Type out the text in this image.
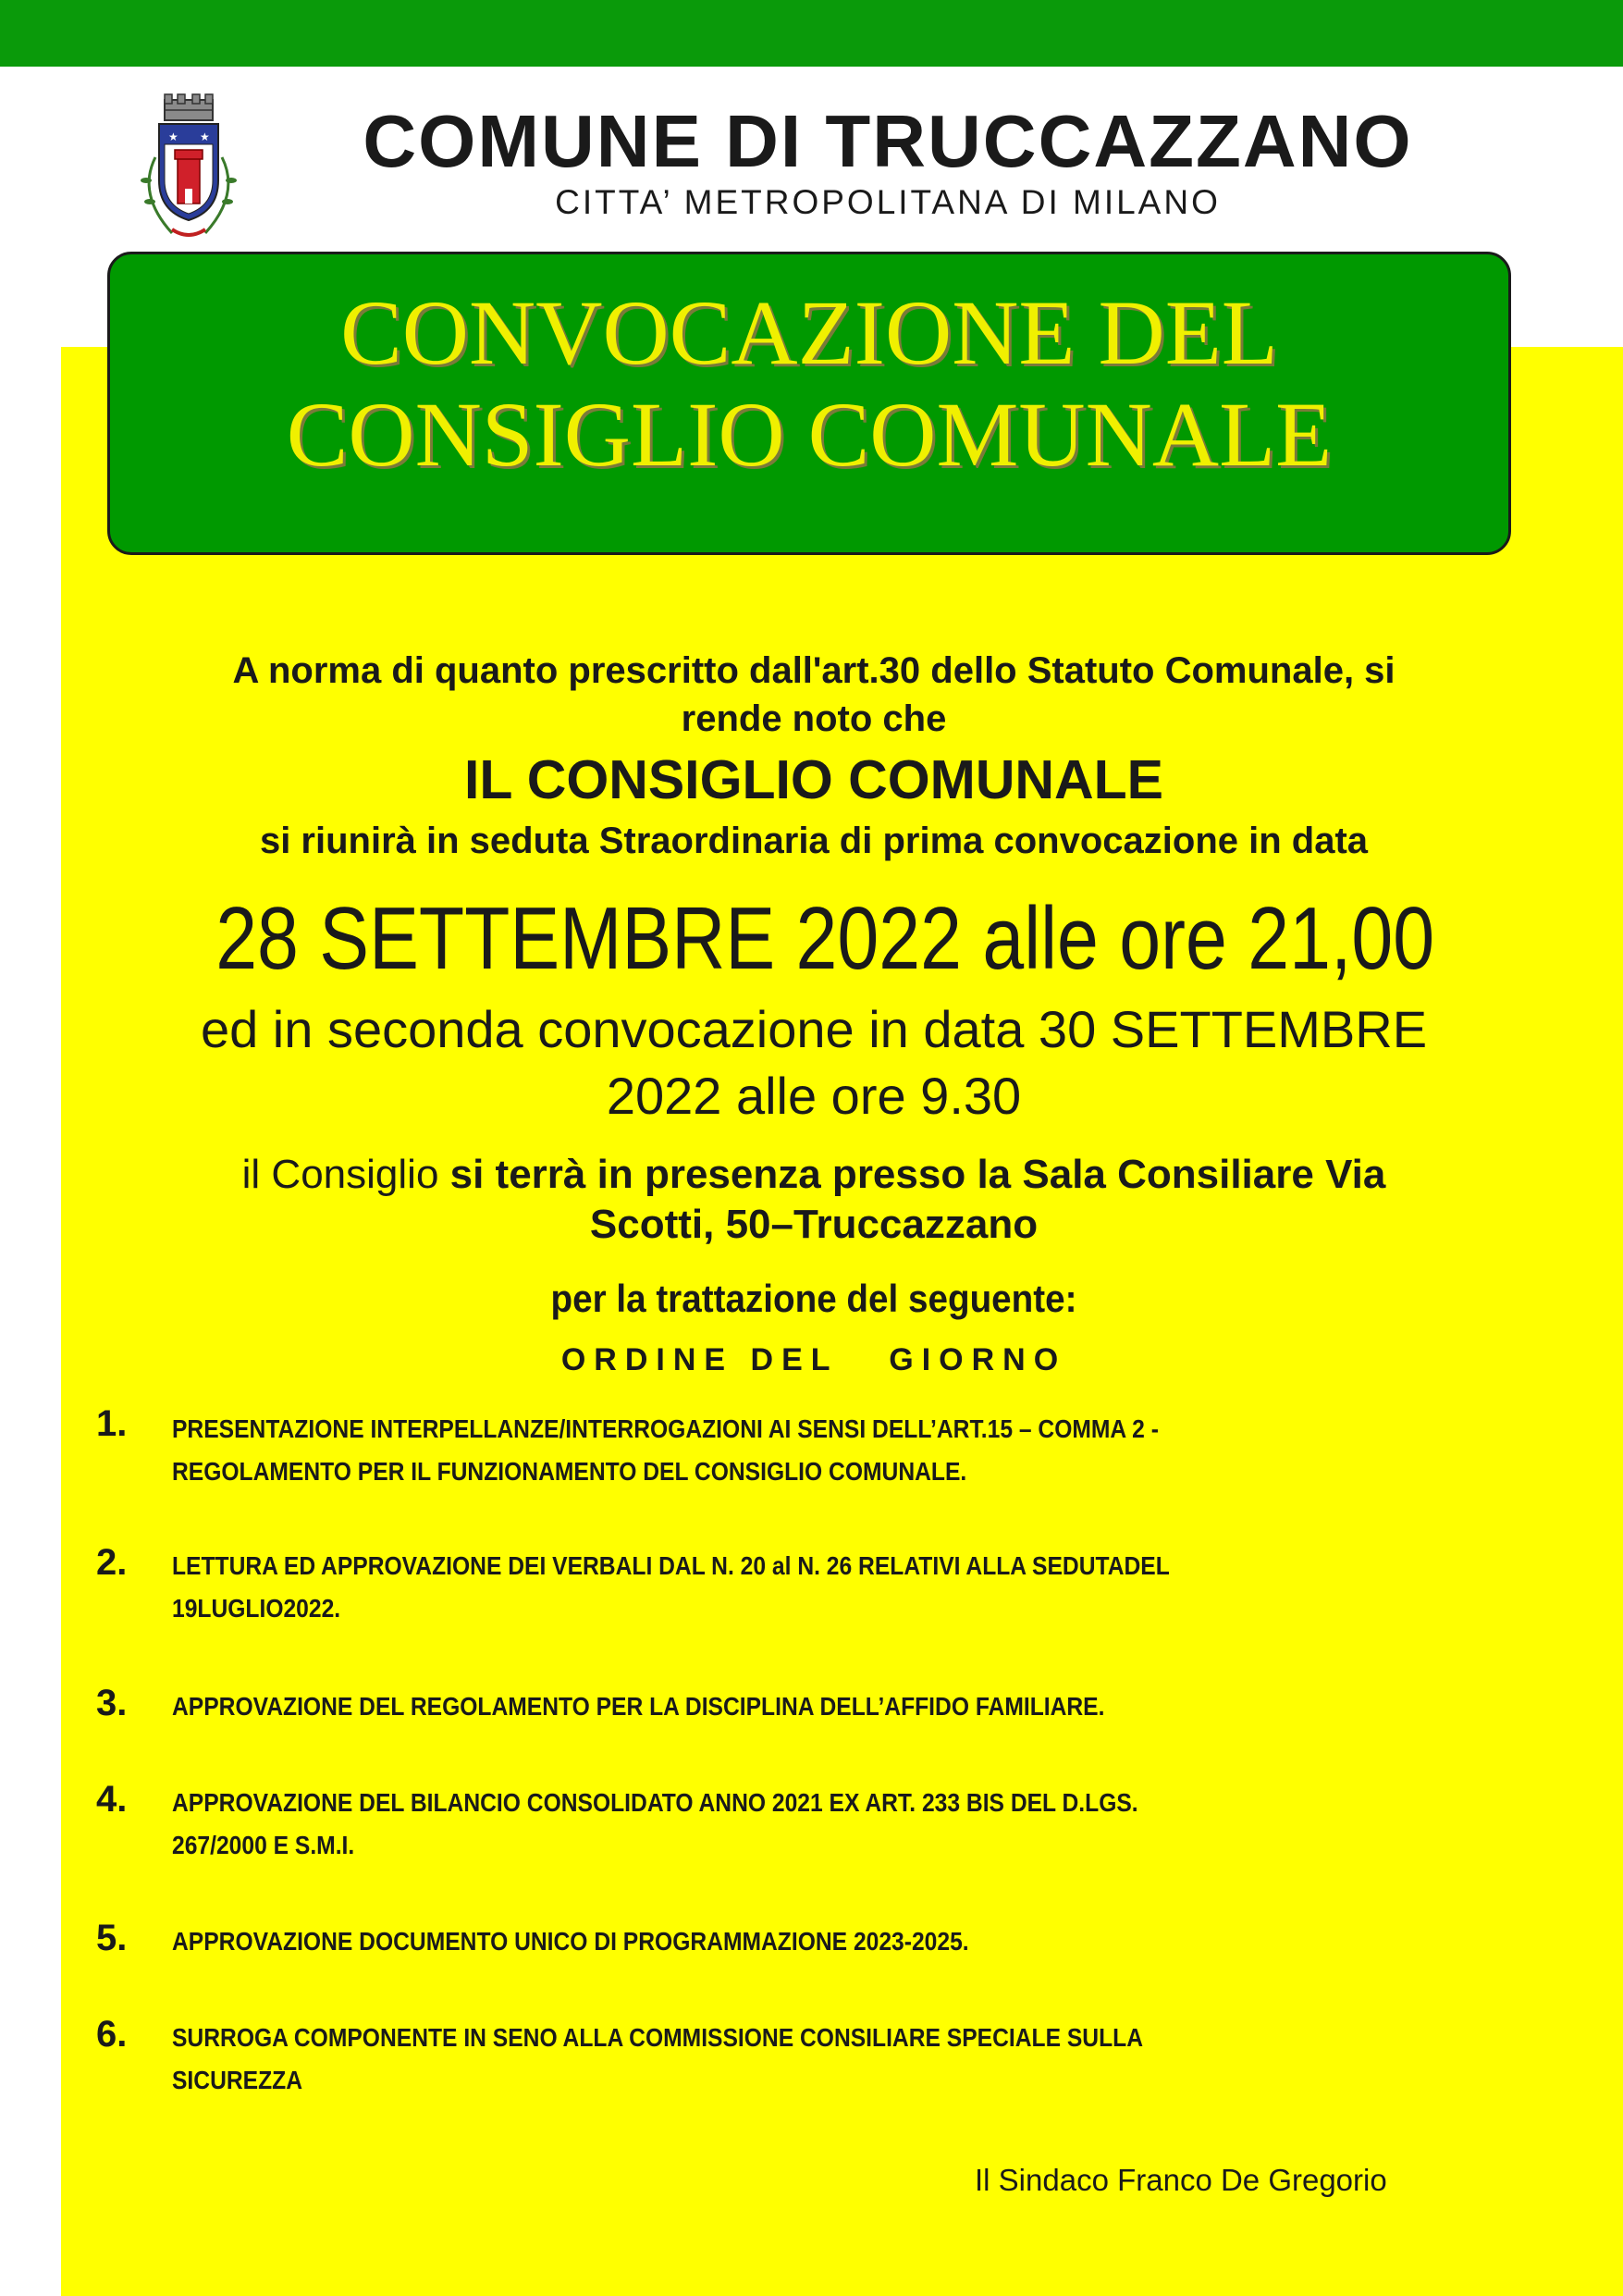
★ ★	COMUNE DI TRUCCAZZANO
CITTA’ METROPOLITANA DI MILANO
CONVOCAZIONE DEL
CONSIGLIO COMUNALE
A norma di quanto prescritto dall'art.30 dello Statuto Comunale, si
rende noto che
IL CONSIGLIO COMUNALE
si riunirà in seduta Straordinaria di prima convocazione in data
28 SETTEMBRE 2022 alle ore 21,00
ed in seconda convocazione in data 30 SETTEMBRE
2022 alle ore 9.30
il Consiglio si terrà in presenza presso la Sala Consiliare Via
Scotti, 50–Truccazzano
per la trattazione del seguente:
ORDINE DEL   GIORNO
1. PRESENTAZIONE INTERPELLANZE/INTERROGAZIONI AI SENSI DELL’ART.15 – COMMA 2 -
REGOLAMENTO PER IL FUNZIONAMENTO DEL CONSIGLIO COMUNALE.
2. LETTURA ED APPROVAZIONE DEI VERBALI DAL N. 20 al N. 26 RELATIVI ALLA SEDUTADEL
19LUGLIO2022.
3. APPROVAZIONE DEL REGOLAMENTO PER LA DISCIPLINA DELL’AFFIDO FAMILIARE.
4. APPROVAZIONE DEL BILANCIO CONSOLIDATO ANNO 2021 EX ART. 233 BIS DEL D.LGS.
267/2000 E S.M.I.
5. APPROVAZIONE DOCUMENTO UNICO DI PROGRAMMAZIONE 2023-2025.
6. SURROGA COMPONENTE IN SENO ALLA COMMISSIONE CONSILIARE SPECIALE SULLA
SICUREZZA
Il Sindaco Franco De Gregorio
